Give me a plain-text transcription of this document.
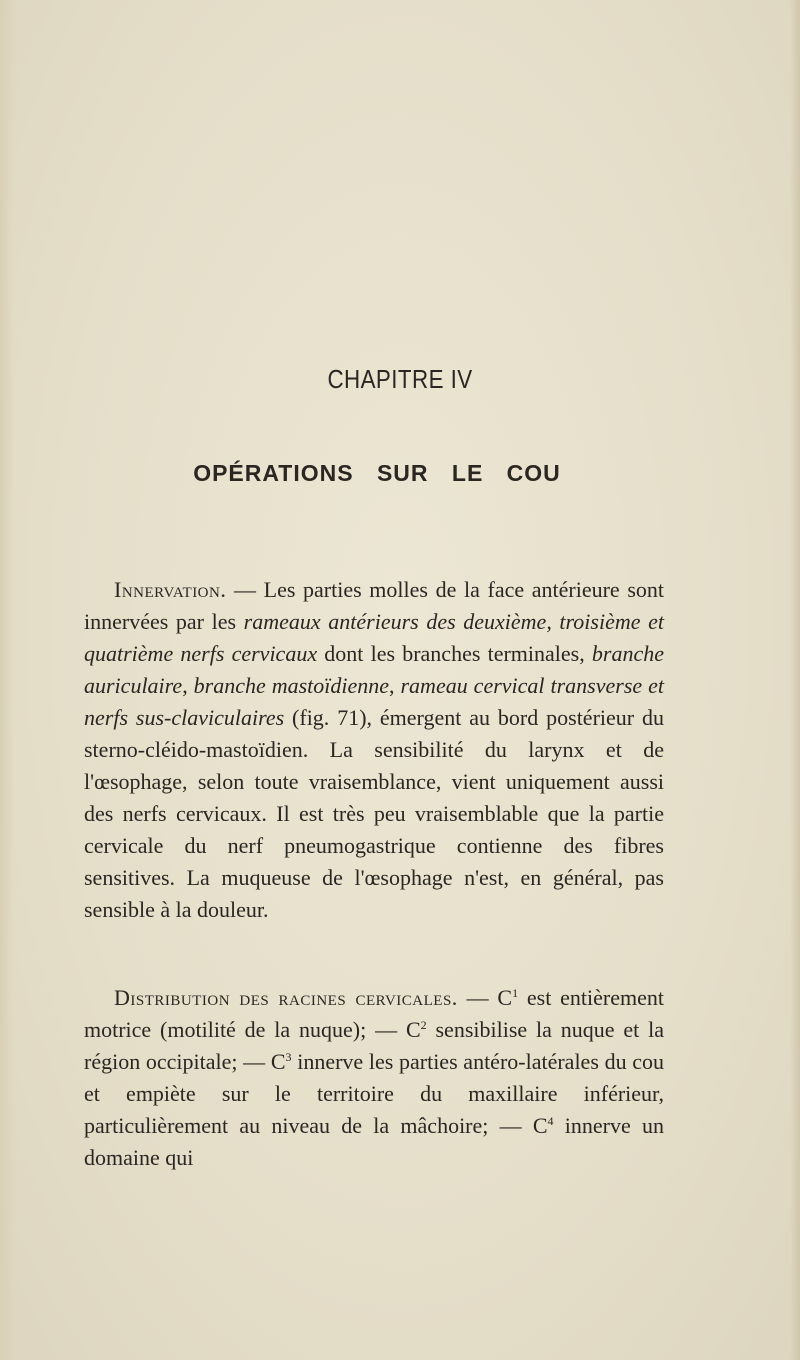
CHAPITRE IV
OPÉRATIONS SUR LE COU
Innervation. — Les parties molles de la face antérieure sont innervées par les rameaux antérieurs des deuxième, troisième et quatrième nerfs cervicaux dont les branches terminales, branche auriculaire, branche mastoïdienne, rameau cervical transverse et nerfs sus-claviculaires (fig. 71), émergent au bord postérieur du sterno-cléido-mastoïdien. La sensibilité du larynx et de l'œsophage, selon toute vraisemblance, vient uniquement aussi des nerfs cervicaux. Il est très peu vraisemblable que la partie cervicale du nerf pneumogastrique contienne des fibres sensitives. La muqueuse de l'œsophage n'est, en général, pas sensible à la douleur.
Distribution des racines cervicales. — $C^1$ est entièrement motrice (motilité de la nuque); — $C^2$ sensibilise la nuque et la région occipitale; — $C^3$ innerve les parties antéro-latérales du cou et empiète sur le territoire du maxillaire inférieur, particulièrement au niveau de la mâchoire; — $C^4$ innerve un domaine qui
